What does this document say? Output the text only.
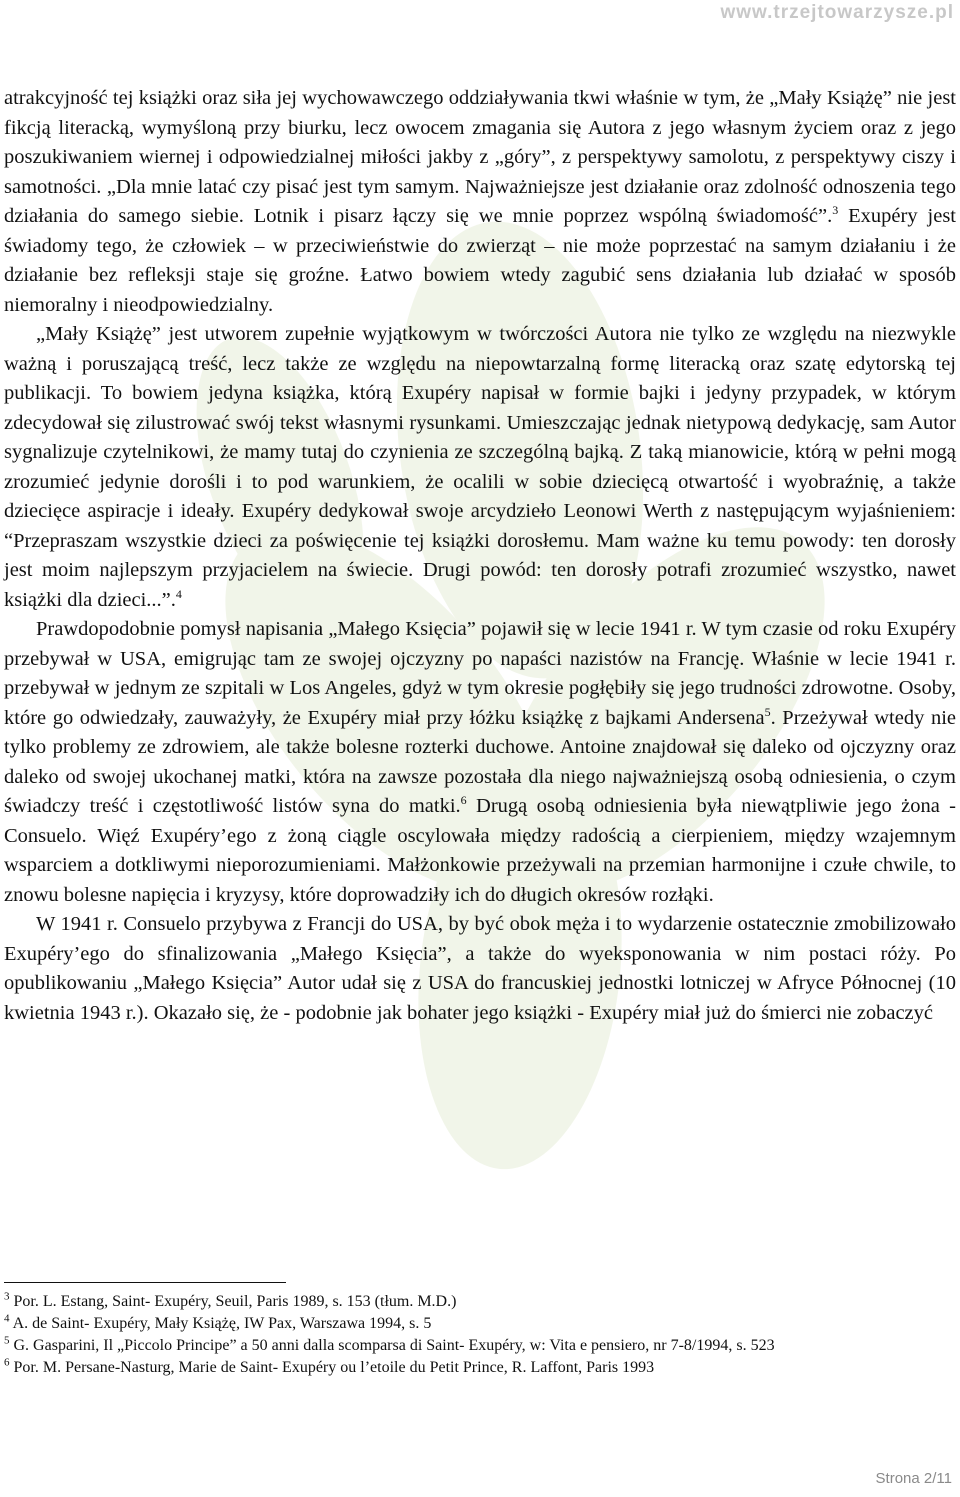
www.trzejtowarzysze.pl

atrakcyjność tej książki oraz siła jej wychowawczego oddziaływania tkwi właśnie w tym, że „Mały Książę” nie jest fikcją literacką, wymyśloną przy biurku, lecz owocem zmagania się Autora z jego własnym życiem oraz z jego poszukiwaniem wiernej i odpowiedzialnej miłości jakby z „góry”, z perspektywy samolotu, z perspektywy ciszy i samotności. „Dla mnie latać czy pisać jest tym samym. Najważniejsze jest działanie oraz zdolność odnoszenia tego działania do samego siebie. Lotnik i pisarz łączy się we mnie poprzez wspólną świadomość”.$^3$ Exupéry jest świadomy tego, że człowiek – w przeciwieństwie do zwierząt – nie może poprzestać na samym działaniu i że działanie bez refleksji staje się groźne. Łatwo bowiem wtedy zagubić sens działania lub działać w sposób niemoralny i nieodpowiedzialny.

„Mały Książę” jest utworem zupełnie wyjątkowym w twórczości Autora nie tylko ze względu na niezwykle ważną i poruszającą treść, lecz także ze względu na niepowtarzalną formę literacką oraz szatę edytorską tej publikacji. To bowiem jedyna książka, którą Exupéry napisał w formie bajki i jedyny przypadek, w którym zdecydował się zilustrować swój tekst własnymi rysunkami. Umieszczając jednak nietypową dedykację, sam Autor sygnalizuje czytelnikowi, że mamy tutaj do czynienia ze szczególną bajką. Z taką mianowicie, którą w pełni mogą zrozumieć jedynie dorośli i to pod warunkiem, że ocalili w sobie dziecięcą otwartość i wyobraźnię, a także dziecięce aspiracje i ideały. Exupéry dedykował swoje arcydzieło Leonowi Werth z następującym wyjaśnieniem: “Przepraszam wszystkie dzieci za poświęcenie tej książki dorosłemu. Mam ważne ku temu powody: ten dorosły jest moim najlepszym przyjacielem na świecie. Drugi powód: ten dorosły potrafi zrozumieć wszystko, nawet książki dla dzieci...”.$^4$

Prawdopodobnie pomysł napisania „Małego Księcia” pojawił się w lecie 1941 r. W tym czasie od roku Exupéry przebywał w USA, emigrując tam ze swojej ojczyzny po napaści nazistów na Francję. Właśnie w lecie 1941 r. przebywał w jednym ze szpitali w Los Angeles, gdyż w tym okresie pogłębiły się jego trudności zdrowotne. Osoby, które go odwiedzały, zauważyły, że Exupéry miał przy łóżku książkę z bajkami Andersena$^5$. Przeżywał wtedy nie tylko problemy ze zdrowiem, ale także bolesne rozterki duchowe. Antoine znajdował się daleko od ojczyzny oraz daleko od swojej ukochanej matki, która na zawsze pozostała dla niego najważniejszą osobą odniesienia, o czym świadczy treść i częstotliwość listów syna do matki.$^6$ Drugą osobą odniesienia była niewątpliwie jego żona - Consuelo. Więź Exupéry’ego z żoną ciągle oscylowała między radością a cierpieniem, między wzajemnym wsparciem a dotkliwymi nieporozumieniami. Małżonkowie przeżywali na przemian harmonijne i czułe chwile, to znowu bolesne napięcia i kryzysy, które doprowadziły ich do długich okresów rozłąki.

W 1941 r. Consuelo przybywa z Francji do USA, by być obok męża i to wydarzenie ostatecznie zmobilizowało Exupéry’ego do sfinalizowania „Małego Księcia”, a także do wyeksponowania w nim postaci róży. Po opublikowaniu „Małego Księcia” Autor udał się z USA do francuskiej jednostki lotniczej w Afryce Północnej (10 kwietnia 1943 r.). Okazało się, że - podobnie jak bohater jego książki - Exupéry miał już do śmierci nie zobaczyć

$^3$ Por. L. Estang, Saint- Exupéry, Seuil, Paris 1989, s. 153 (tłum. M.D.)

$^4$ A. de Saint- Exupéry, Mały Książę, IW Pax, Warszawa 1994, s. 5

$^5$ G. Gasparini, Il „Piccolo Principe” a 50 anni dalla scomparsa di Saint- Exupéry, w: Vita e pensiero, nr 7-8/1994, s. 523

$^6$ Por. M. Persane-Nasturg, Marie de Saint- Exupéry ou l’etoile du Petit Prince, R. Laffont, Paris 1993

Strona 2/11
